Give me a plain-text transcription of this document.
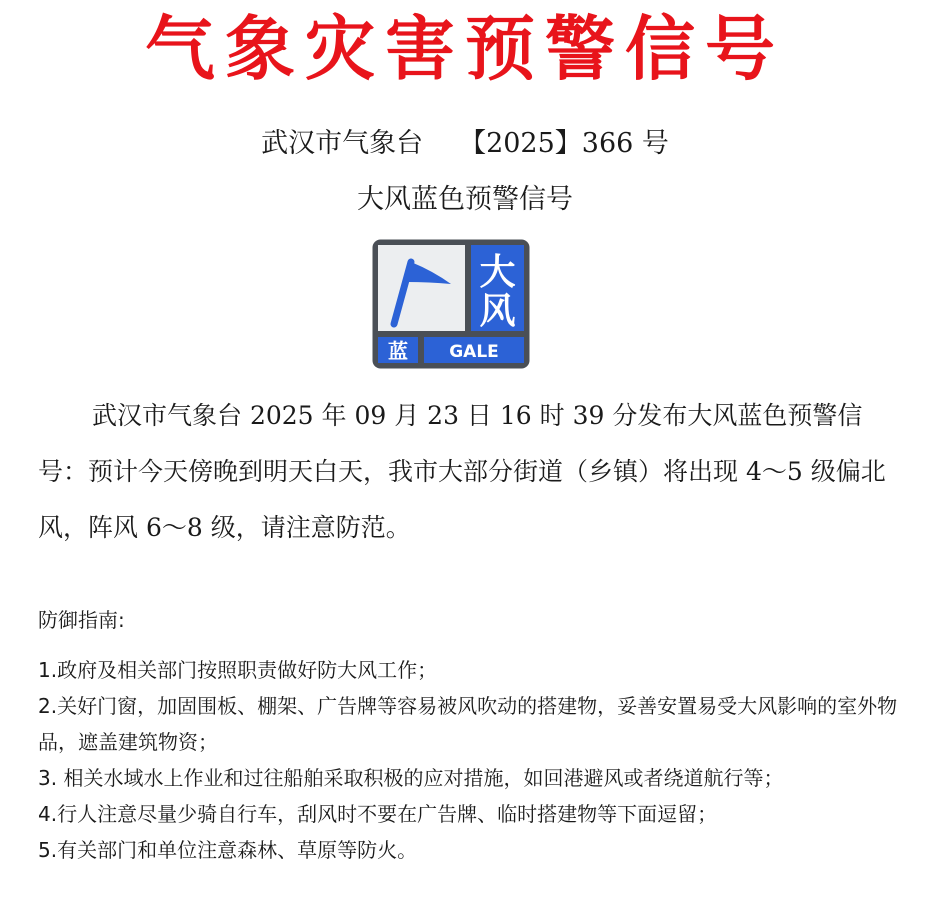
气象灾害预警信号
武汉市气象台 【2025】366 号
大风蓝色预警信号
大
风
蓝 GALE

武汉市气象台 2025 年 09 月 23 日 16 时 39 分发布大风蓝色预警信号：预计今天傍晚到明天白天，我市大部分街道（乡镇）将出现 4～5 级偏北风，阵风 6～8 级，请注意防范。

防御指南:
1.政府及相关部门按照职责做好防大风工作；
2.关好门窗，加固围板、棚架、广告牌等容易被风吹动的搭建物，妥善安置易受大风影响的室外物品，遮盖建筑物资；
3. 相关水域水上作业和过往船舶采取积极的应对措施，如回港避风或者绕道航行等；
4.行人注意尽量少骑自行车，刮风时不要在广告牌、临时搭建物等下面逗留；
5.有关部门和单位注意森林、草原等防火。
